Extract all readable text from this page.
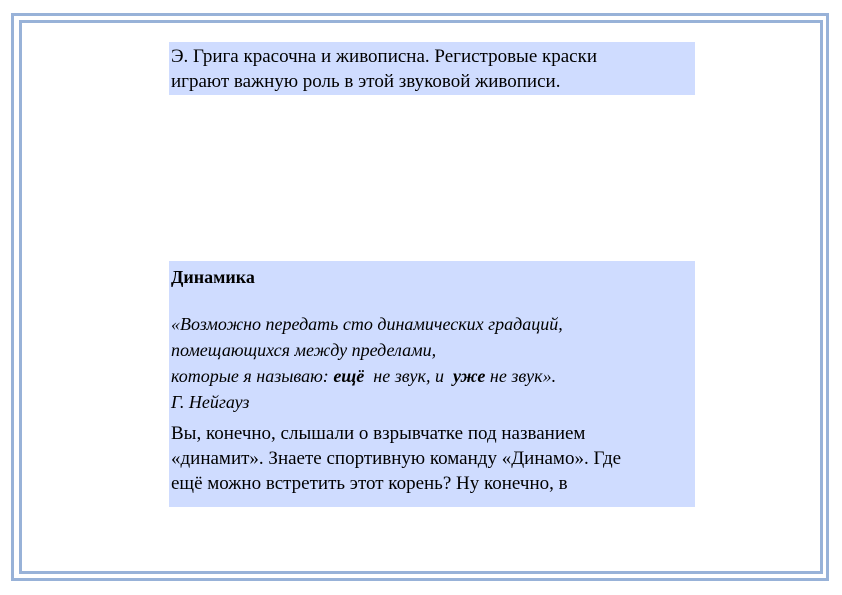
Э. Грига красочна и живописна. Регистровые краски
играют важную роль в этой звуковой живописи.
Динамика
«Возможно передать сто динамических градаций,
помещающихся между пределами,
которые я называю: ещё  не звук, и  уже не звук».
Г. Нейгауз
Вы, конечно, слышали о взрывчатке под названием
«динамит». Знаете спортивную команду «Динамо». Где
ещё можно встретить этот корень? Ну конечно, в
